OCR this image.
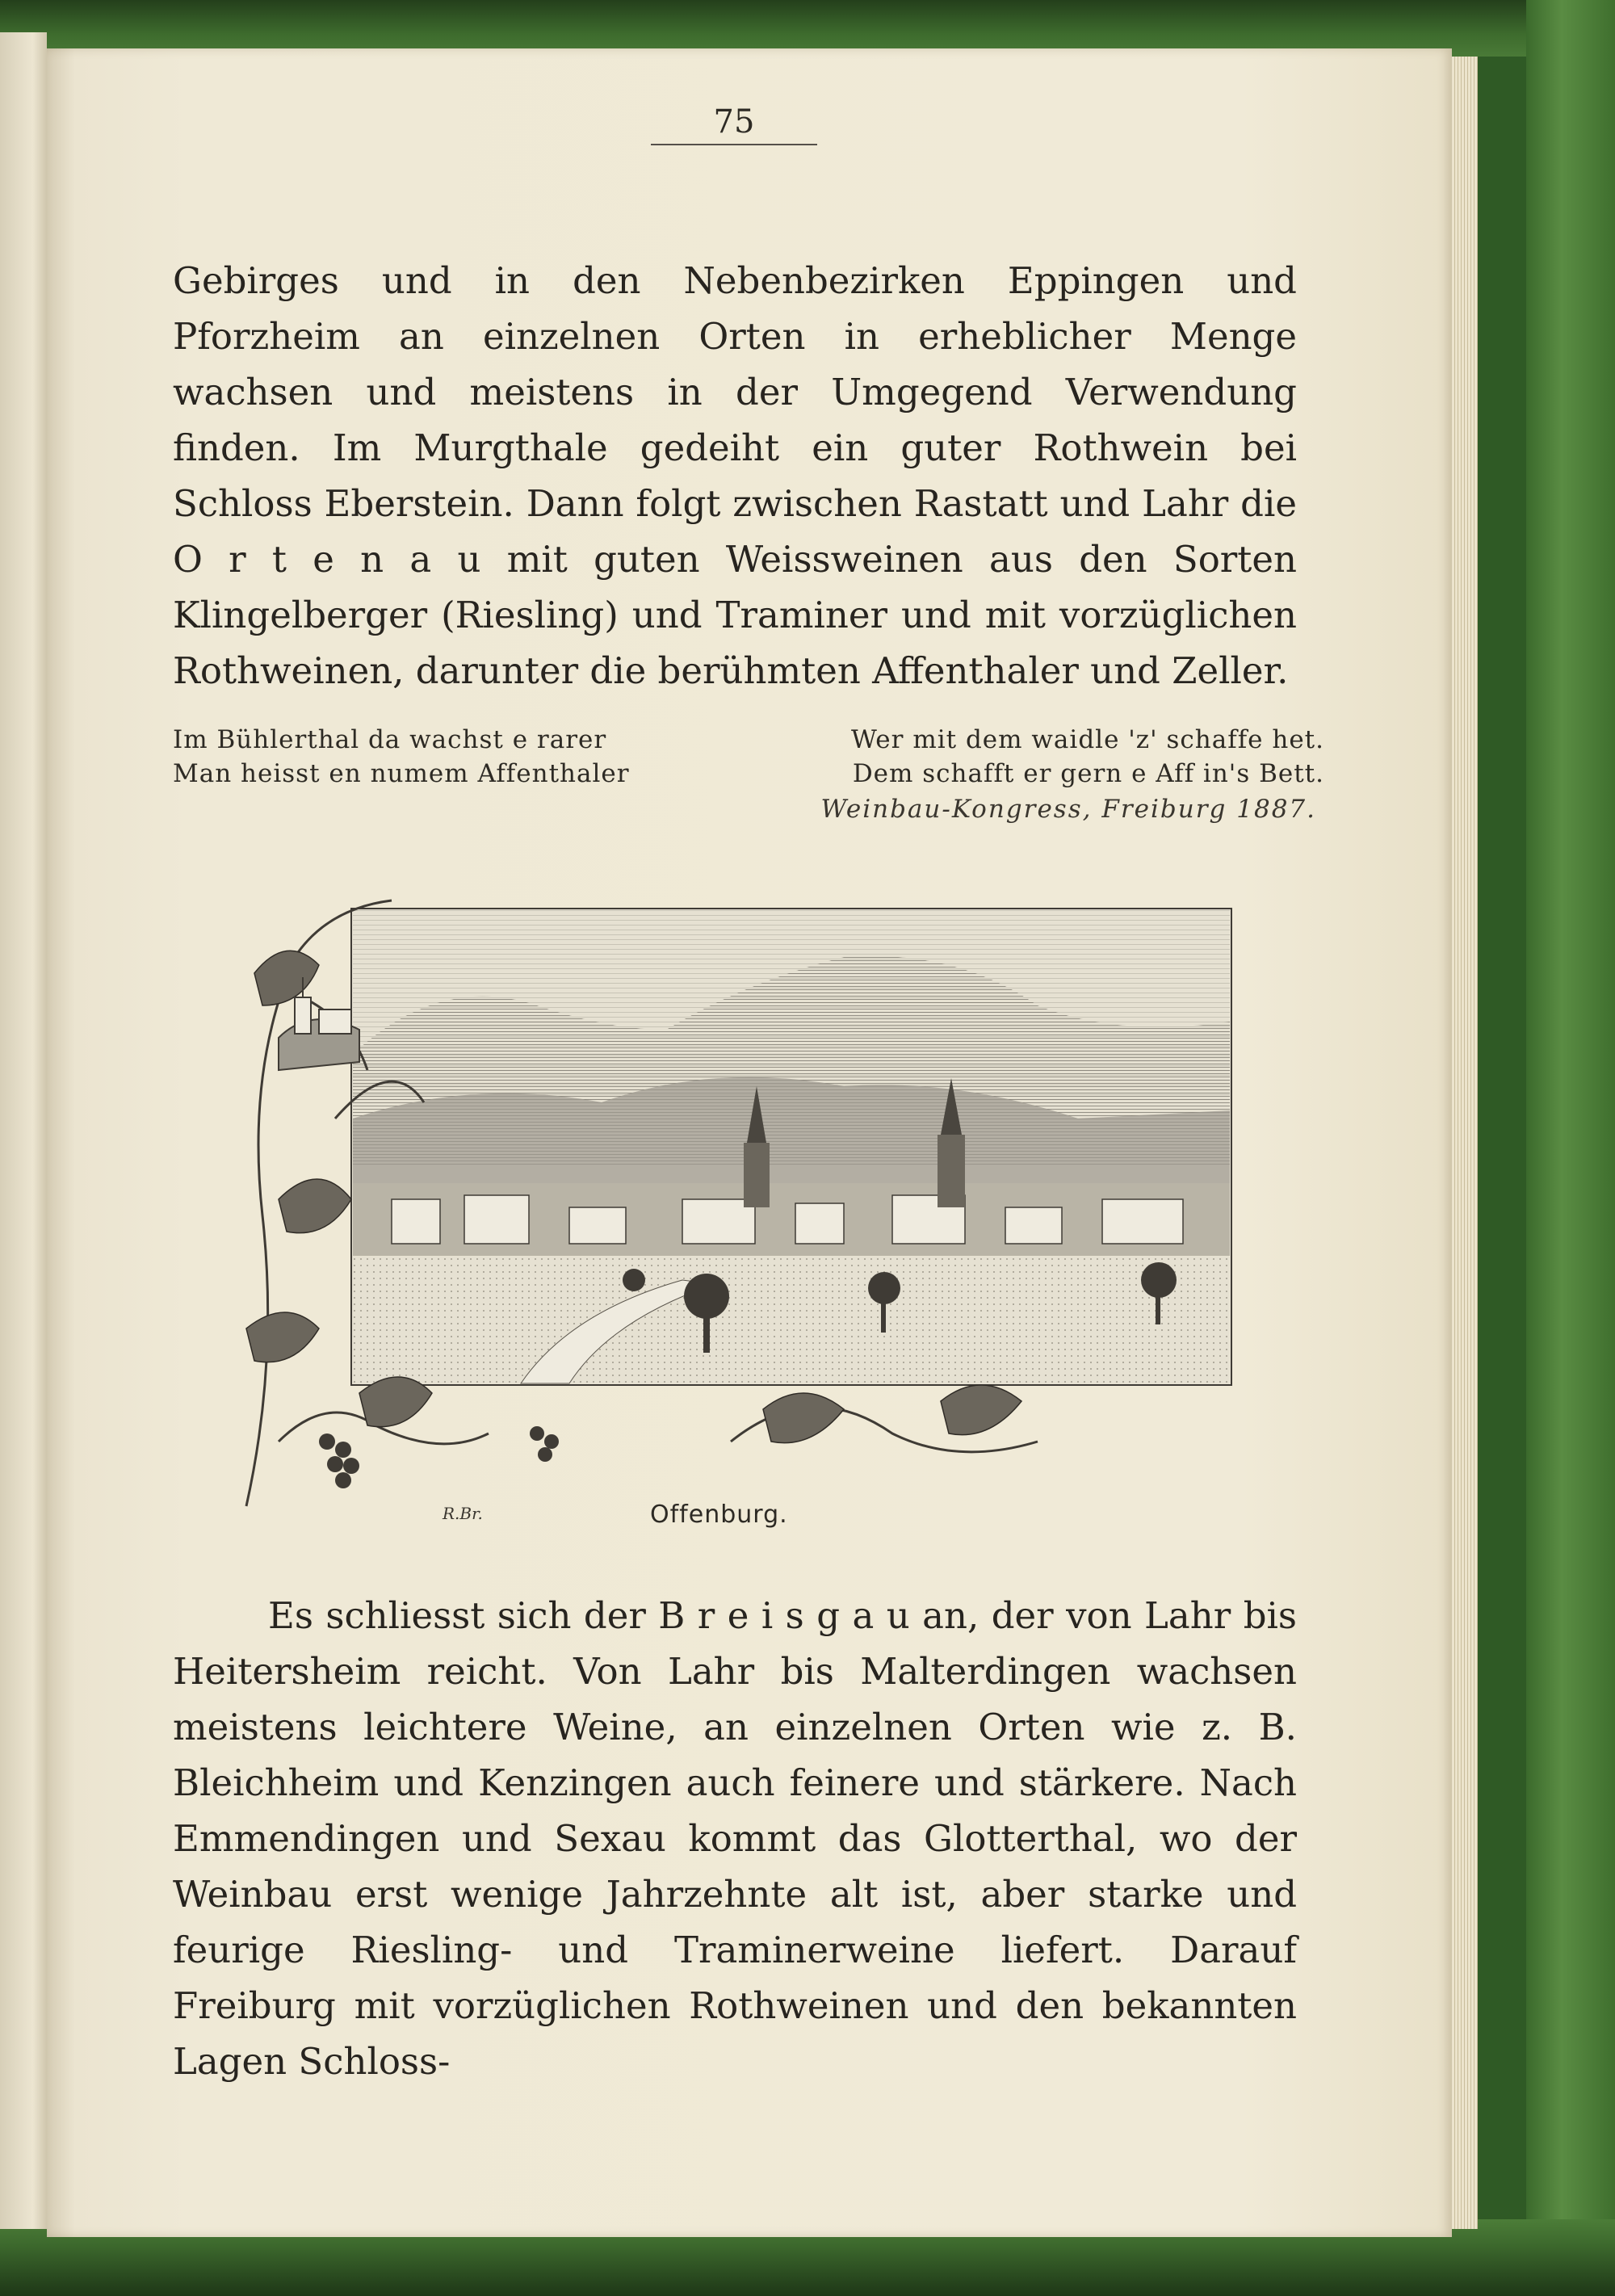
75

Gebirges und in den Nebenbezirken Eppingen und Pforzheim an einzelnen Orten in erheblicher Menge wachsen und meistens in der Umgegend Verwendung finden. Im Murgthale gedeiht ein guter Rothwein bei Schloss Eberstein. Dann folgt zwischen Rastatt und Lahr die O r t e n a u mit guten Weissweinen aus den Sorten Klingelberger (Riesling) und Traminer und mit vorzüglichen Rothweinen, darunter die berühmten Affenthaler und Zeller.

Im Bühlerthal da wachst e rarer
Man heisst en numem Affenthaler
Wer mit dem waidle 'z' schaffe het.
Dem schafft er gern e Aff in's Bett.
Weinbau-Kongress, Freiburg 1887.
R.Br.	Offenburg.

Es schliesst sich der B r e i s g a u an, der von Lahr bis Heitersheim reicht. Von Lahr bis Malterdingen wachsen meistens leichtere Weine, an einzelnen Orten wie z. B. Bleichheim und Kenzingen auch feinere und stärkere. Nach Emmendingen und Sexau kommt das Glotterthal, wo der Weinbau erst wenige Jahrzehnte alt ist, aber starke und feurige Riesling- und Traminerweine liefert. Darauf Freiburg mit vorzüglichen Rothweinen und den bekannten Lagen Schloss-
